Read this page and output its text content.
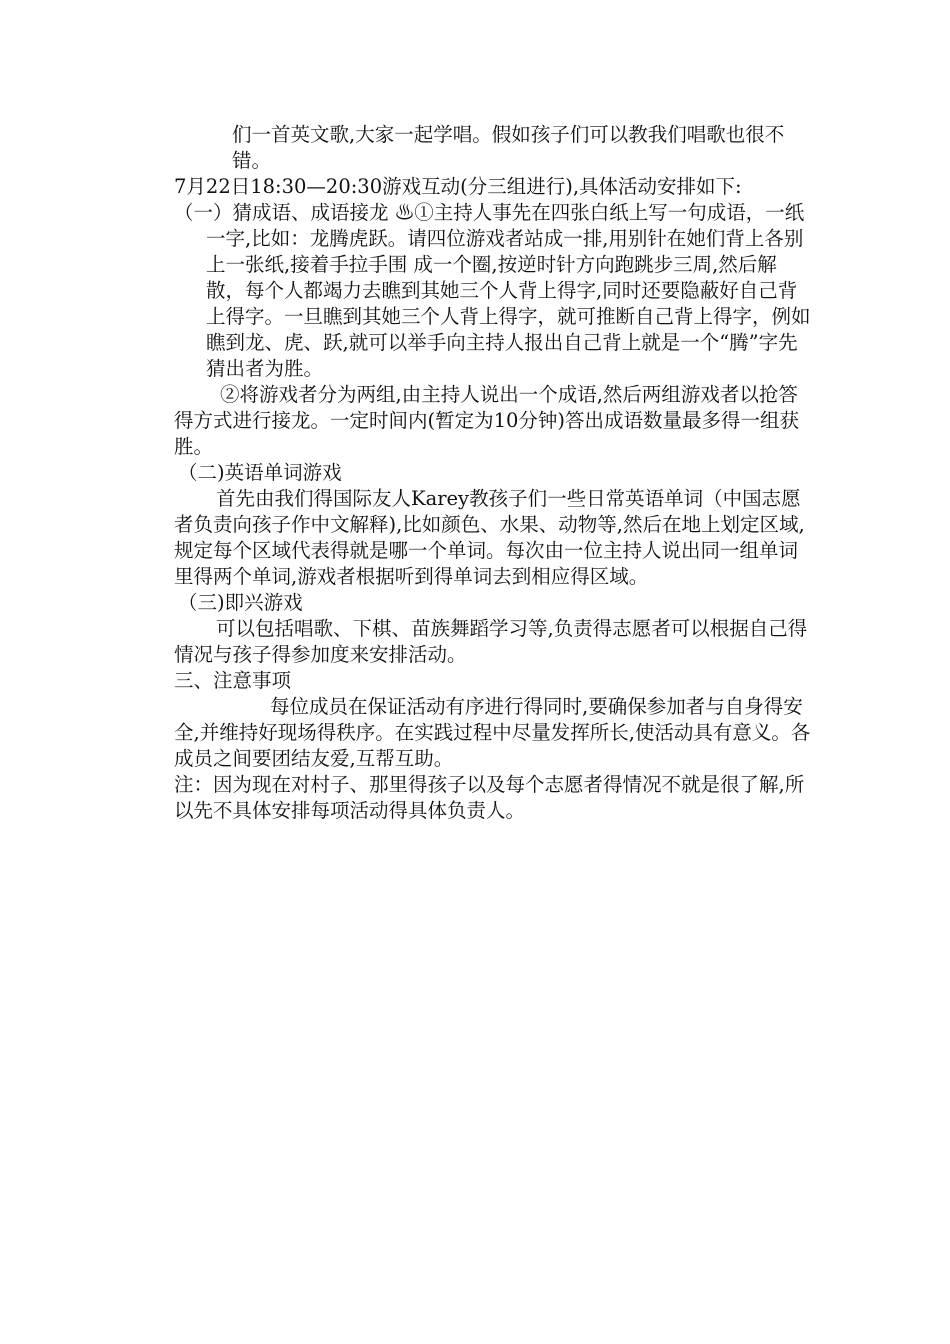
们一首英文歌,大家一起学唱。假如孩子们可以教我们唱歌也很不错。

7月22日18:30—20:30游戏互动(分三组进行),具体活动安排如下:

（一）猜成语、成语接龙 ♨①主持人事先在四张白纸上写一句成语，一纸一字,比如：龙腾虎跃。请四位游戏者站成一排,用别针在她们背上各别上一张纸,接着手拉手围 成一个圈,按逆时针方向跑跳步三周,然后解散，每个人都竭力去瞧到其她三个人背上得字,同时还要隐蔽好自己背上得字。一旦瞧到其她三个人背上得字，就可推断自己背上得字，例如瞧到龙、虎、跃,就可以举手向主持人报出自己背上就是一个“腾”字先猜出者为胜。

②将游戏者分为两组,由主持人说出一个成语,然后两组游戏者以抢答得方式进行接龙。一定时间内(暂定为10分钟)答出成语数量最多得一组获胜。

（二)英语单词游戏

首先由我们得国际友人Karey教孩子们一些日常英语单词（中国志愿者负责向孩子作中文解释),比如颜色、水果、动物等,然后在地上划定区域,规定每个区域代表得就是哪一个单词。每次由一位主持人说出同一组单词里得两个单词,游戏者根据听到得单词去到相应得区域。

（三)即兴游戏

可以包括唱歌、下棋、苗族舞蹈学习等,负责得志愿者可以根据自己得情况与孩子得参加度来安排活动。

三、注意事项

每位成员在保证活动有序进行得同时,要确保参加者与自身得安全,并维持好现场得秩序。在实践过程中尽量发挥所长,使活动具有意义。各成员之间要团结友爱,互帮互助。

注：因为现在对村子、那里得孩子以及每个志愿者得情况不就是很了解,所以先不具体安排每项活动得具体负责人。
